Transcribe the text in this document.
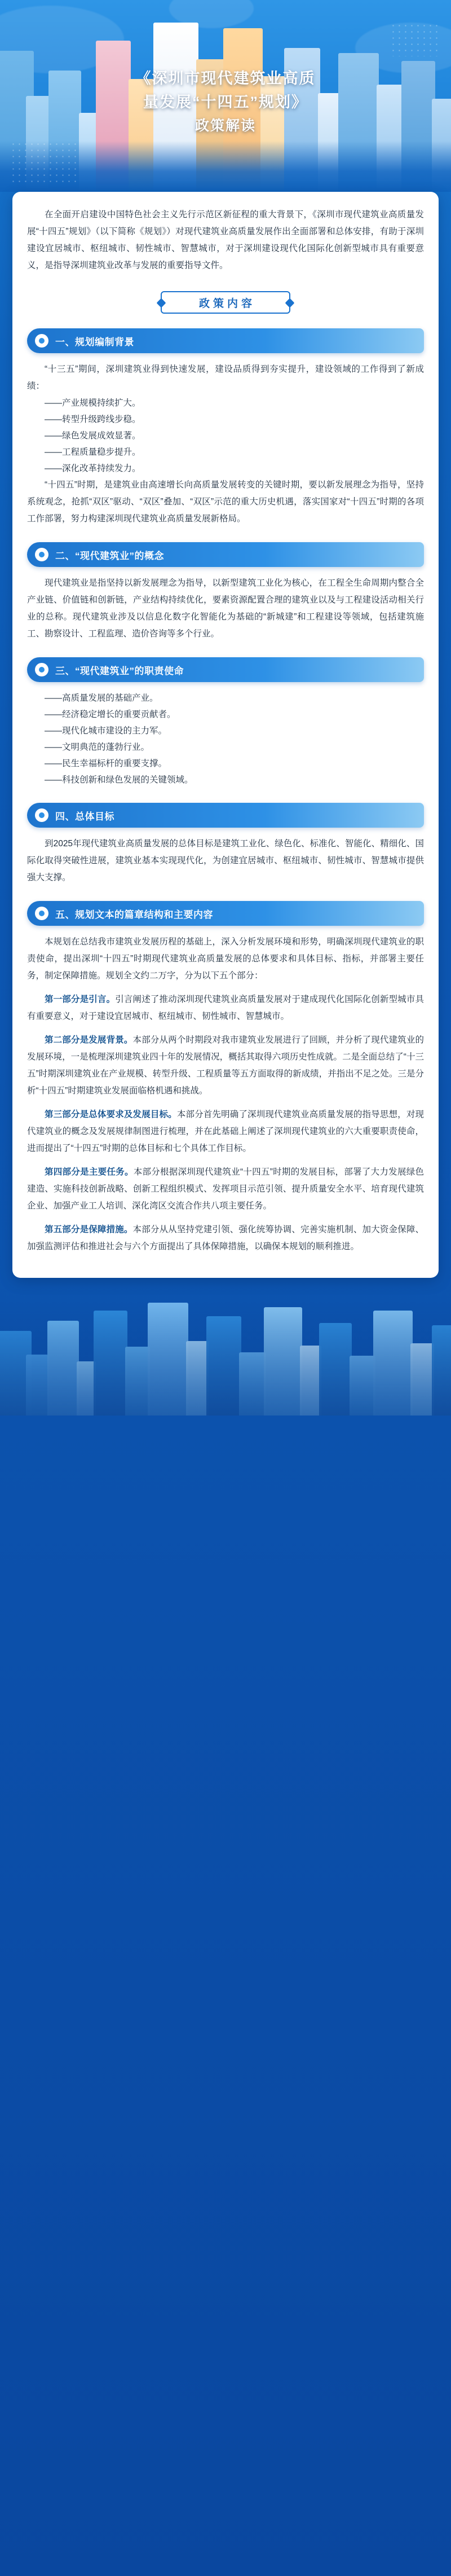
《深圳市现代建筑业高质
量发展“十四五”规划》
政策解读

在全面开启建设中国特色社会主义先行示范区新征程的重大背景下，《深圳市现代建筑业高质量发展“十四五”规划》（以下简称《规划》）对现代建筑业高质量发展作出全面部署和总体安排，有助于深圳建设宜居城市、枢纽城市、韧性城市、智慧城市，对于深圳建设现代化国际化创新型城市具有重要意义，是指导深圳建筑业改革与发展的重要指导文件。

政策内容
一、规划编制背景

“十三五”期间，深圳建筑业得到快速发展，建设品质得到夯实提升，建设领域的工作得到了新成绩：

——产业规模持续扩大。

——转型升级跨线步稳。

——绿色发展成效显著。

——工程质量稳步提升。

——深化改革持续发力。

“十四五”时期，是建筑业由高速增长向高质量发展转变的关键时期，要以新发展理念为指导，坚持系统观念，抢抓“双区”驱动、“双区”叠加、“双区”示范的重大历史机遇，落实国家对“十四五”时期的各项工作部署，努力构建深圳现代建筑业高质量发展新格局。

二、“现代建筑业”的概念

现代建筑业是指坚持以新发展理念为指导，以新型建筑工业化为核心，在工程全生命周期内整合全产业链、价值链和创新链，产业结构持续优化，要素资源配置合理的建筑业以及与工程建设活动相关行业的总称。现代建筑业涉及以信息化数字化智能化为基础的“新城建”和工程建设等领域，包括建筑施工、勘察设计、工程监理、造价咨询等多个行业。

三、“现代建筑业”的职责使命

——高质量发展的基础产业。

——经济稳定增长的重要贡献者。

——现代化城市建设的主力军。

——文明典范的蓬勃行业。

——民生幸福标杆的重要支撑。

——科技创新和绿色发展的关键领域。

四、总体目标

到2025年现代建筑业高质量发展的总体目标是建筑工业化、绿色化、标准化、智能化、精细化、国际化取得突破性进展，建筑业基本实现现代化，为创建宜居城市、枢纽城市、韧性城市、智慧城市提供强大支撑。

五、规划文本的篇章结构和主要内容

本规划在总结我市建筑业发展历程的基础上，深入分析发展环境和形势，明确深圳现代建筑业的职责使命，提出深圳“十四五”时期现代建筑业高质量发展的总体要求和具体目标、指标，并部署主要任务，制定保障措施。规划全文约二万字，分为以下五个部分：

第一部分是引言。引言阐述了推动深圳现代建筑业高质量发展对于建成现代化国际化创新型城市具有重要意义，对于建设宜居城市、枢纽城市、韧性城市、智慧城市。

第二部分是发展背景。本部分从两个时期段对我市建筑业发展进行了回顾，并分析了现代建筑业的发展环境，一是梳理深圳建筑业四十年的发展情况，概括其取得六项历史性成就。二是全面总结了“十三五”时期深圳建筑业在产业规模、转型升级、工程质量等五方面取得的新成绩，并指出不足之处。三是分析“十四五”时期建筑业发展面临格机遇和挑战。

第三部分是总体要求及发展目标。本部分首先明确了深圳现代建筑业高质量发展的指导思想，对现代建筑业的概念及发展规律制图进行梳理，并在此基础上阐述了深圳现代建筑业的六大重要职责使命，进而提出了“十四五”时期的总体目标和七个具体工作目标。

第四部分是主要任务。本部分根据深圳现代建筑业“十四五”时期的发展目标，部署了大力发展绿色建造、实施科技创新战略、创新工程组织模式、发挥项目示范引领、提升质量安全水平、培育现代建筑企业、加强产业工人培训、深化湾区交流合作共八项主要任务。

第五部分是保障措施。本部分从从坚持党建引领、强化统筹协调、完善实施机制、加大资金保障、加强监测评估和推进社会与六个方面提出了具体保障措施，以确保本规划的顺利推进。
